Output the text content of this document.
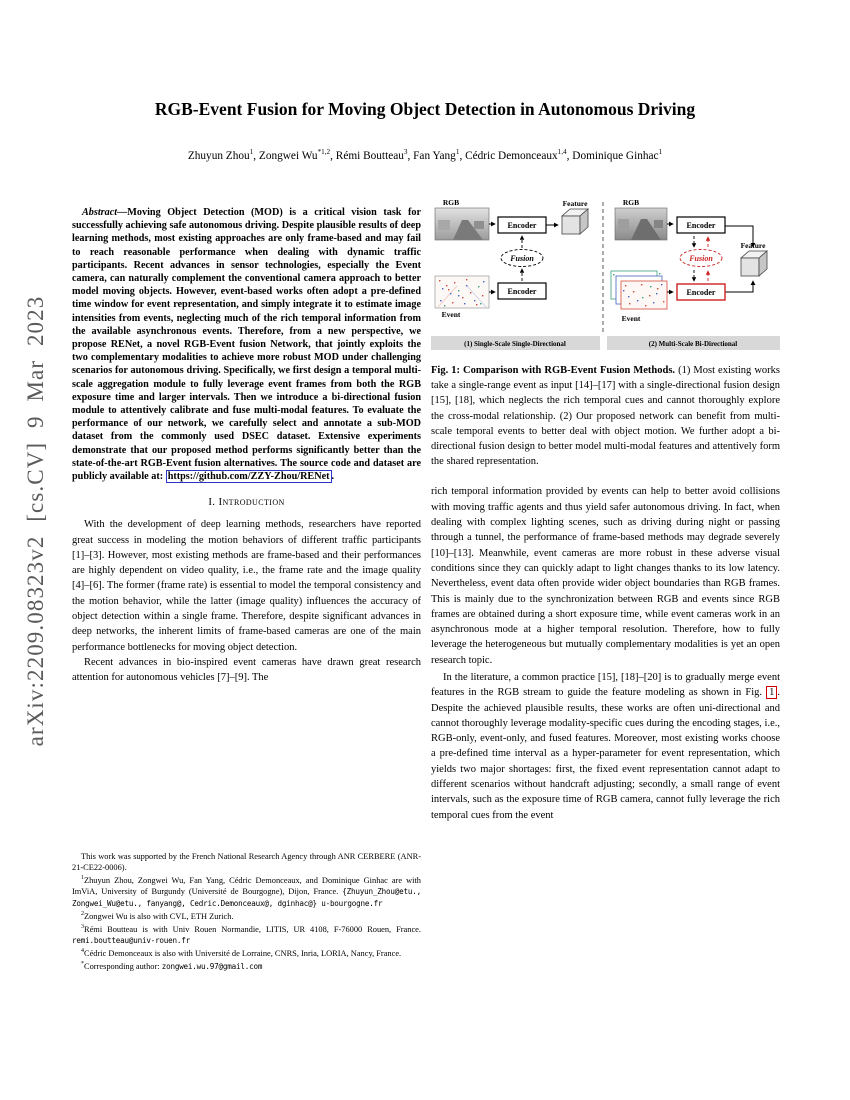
arXiv:2209.08323v2 [cs.CV] 9 Mar 2023
RGB-Event Fusion for Moving Object Detection in Autonomous Driving
Zhuyun Zhou$^1$, Zongwei Wu$^{*1,2}$, Rémi Boutteau$^3$, Fan Yang$^1$, Cédric Demonceaux$^{1,4}$, Dominique Ginhac$^1$

Abstract—Moving Object Detection (MOD) is a critical vision task for successfully achieving safe autonomous driving. Despite plausible results of deep learning methods, most existing approaches are only frame-based and may fail to reach reasonable performance when dealing with dynamic traffic participants. Recent advances in sensor technologies, especially the Event camera, can naturally complement the conventional camera approach to better model moving objects. However, event-based works often adopt a pre-defined time window for event representation, and simply integrate it to estimate image intensities from events, neglecting much of the rich temporal information from the available asynchronous events. Therefore, from a new perspective, we propose RENet, a novel RGB-Event fusion Network, that jointly exploits the two complementary modalities to achieve more robust MOD under challenging scenarios for autonomous driving. Specifically, we first design a temporal multi-scale aggregation module to fully leverage event frames from both the RGB exposure time and larger intervals. Then we introduce a bi-directional fusion module to attentively calibrate and fuse multi-modal features. To evaluate the performance of our network, we carefully select and annotate a sub-MOD dataset from the commonly used DSEC dataset. Extensive experiments demonstrate that our proposed method performs significantly better than the state-of-the-art RGB-Event fusion alternatives. The source code and dataset are publicly available at: https://github.com/ZZY-Zhou/RENet .

I. Introduction

With the development of deep learning methods, researchers have reported great success in modeling the motion behaviors of different traffic participants [1]–[3]. However, most existing methods are frame-based and their performances are highly dependent on video quality, i.e., the frame rate and the image quality [4]–[6]. The former (frame rate) is essential to model the temporal consistency and the motion behavior, while the latter (image quality) influences the accuracy of object detection within a single frame. Therefore, despite significant advances in deep networks, the inherent limits of frame-based cameras are one of the main performance bottlenecks for moving object detection.

Recent advances in bio-inspired event cameras have drawn great research attention for autonomous vehicles [7]–[9]. The

This work was supported by the French National Research Agency through ANR CERBERE (ANR-21-CE22-0006).

$^1$Zhuyun Zhou, Zongwei Wu, Fan Yang, Cédric Demonceaux, and Dominique Ginhac are with ImViA, University of Burgundy (Université de Bourgogne), Dijon, France. {Zhuyun_Zhou@etu., Zongwei_Wu@etu., fanyang@, Cedric.Demonceaux@, dginhac@} u-bourgogne.fr

$^2$Zongwei Wu is also with CVL, ETH Zurich.

$^3$Rémi Boutteau is with Univ Rouen Normandie, LITIS, UR 4108, F-76000 Rouen, France. remi.boutteau@univ-rouen.fr

$^4$Cédric Demonceaux is also with Université de Lorraine, CNRS, Inria, LORIA, Nancy, France.

*Corresponding author: zongwei.wu.97@gmail.com

RGB
Encoder
Feature
Fusion
Event
Encoder
RGB
Encoder
Fusion
Feature
Event
Encoder
(1) Single-Scale Single-Directional	(2) Multi-Scale Bi-Directional
Fig. 1: Comparison with RGB-Event Fusion Methods. (1) Most existing works take a single-range event as input [14]–[17] with a single-directional fusion design [15], [18], which neglects the rich temporal cues and cannot thoroughly explore the cross-modal relationship. (2) Our proposed network can benefit from multi-scale temporal events to better deal with object motion. We further adopt a bi-directional fusion design to better model multi-modal features and attentively form the shared representation.

rich temporal information provided by events can help to better avoid collisions with moving traffic agents and thus yield safer autonomous driving. In fact, when dealing with complex lighting scenes, such as driving during night or passing through a tunnel, the performance of frame-based methods may degrade severely [10]–[13]. Meanwhile, event cameras are more robust in these adverse visual conditions since they can quickly adapt to light changes thanks to its low latency. Nevertheless, event data often provide wider object boundaries than RGB frames. This is mainly due to the synchronization between RGB and events since RGB frames are obtained during a short exposure time, while event cameras work in an asynchronous mode at a higher temporal resolution. Therefore, how to fully leverage the heterogeneous but mutually complementary modalities is yet an open research topic.

In the literature, a common practice [15], [18]–[20] is to gradually merge event features in the RGB stream to guide the feature modeling as shown in Fig. 1 . Despite the achieved plausible results, these works are often uni-directional and cannot thoroughly leverage modality-specific cues during the encoding stages, i.e., RGB-only, event-only, and fused features. Moreover, most existing works choose a pre-defined time interval as a hyper-parameter for event representation, which yields two major shortages: first, the fixed event representation cannot adapt to different scenarios without handcraft adjusting; secondly, a small range of event intervals, such as the exposure time of RGB camera, cannot fully leverage the rich temporal cues from the event
